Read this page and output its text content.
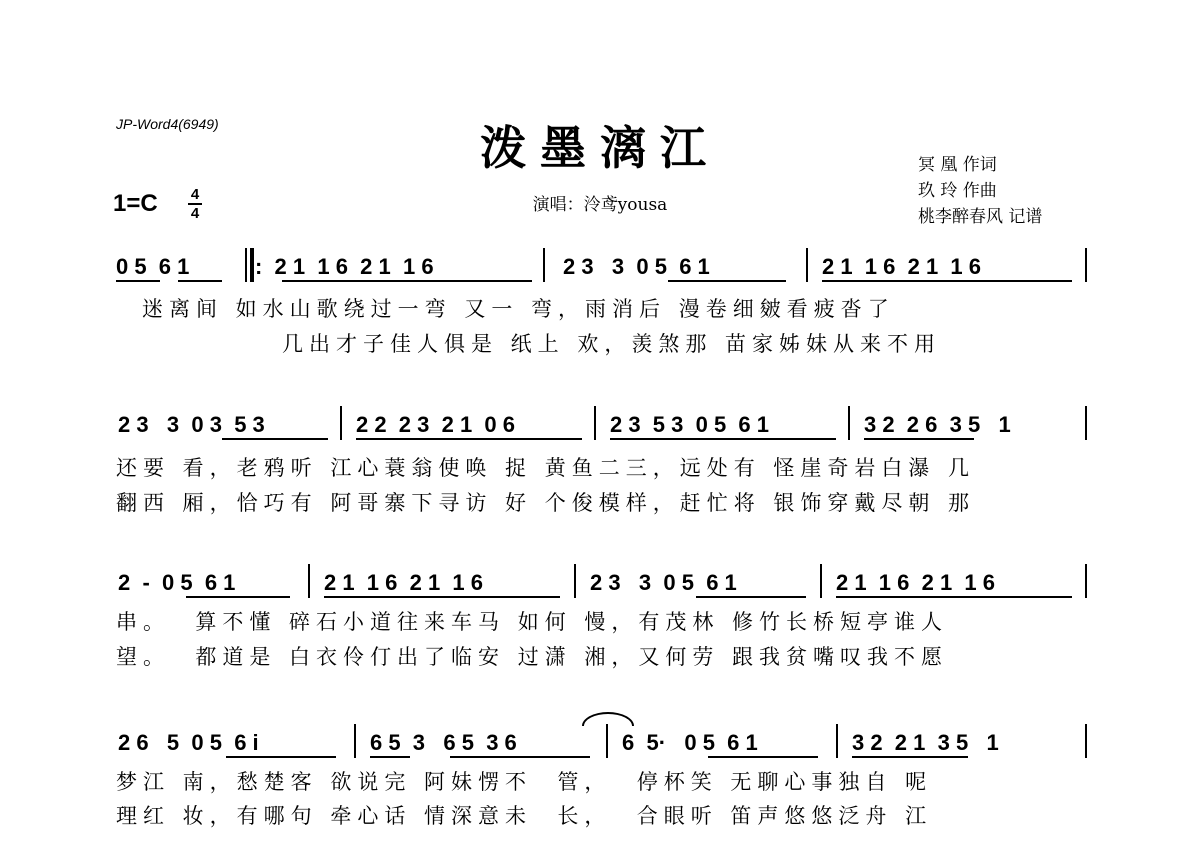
JP-Word4(6949)	泼墨漓江
演唱：泠鸢yousa
冥 凰 作词
玖 玲 作曲
桃李醉春风 记谱
1=C 4
4
0 5  6 1	:  2 1  1 6  2 1  1 6	2 3   3  0 5  6 1	2 1  1 6  2 1  1 6
迷离间 如水山歌绕过一弯 又一 弯，雨消后 漫卷细皴看疲沓了
几出才子佳人俱是 纸上 欢，羡煞那 苗家姊妹从来不用
2 3   3  0 3  5 3	2 2  2 3  2 1  0 6	2 3  5 3  0 5  6 1	3 2  2 6  3 5   1
还要 看，老鸦听 江心蓑翁使唤 捉 黄鱼二三，远处有 怪崖奇岩白瀑 几
翻西 厢，恰巧有 阿哥寨下寻访 好 个俊模样，赶忙将 银饰穿戴尽朝 那
2  -  0 5  6 1	2 1  1 6  2 1  1 6	2 3   3  0 5  6 1	2 1  1 6  2 1  1 6
串。  算不懂 碎石小道往来车马 如何 慢，有茂林 修竹长桥短亭谁人
望。  都道是 白衣伶仃出了临安 过潇 湘，又何劳 跟我贫嘴叹我不愿
2 6   5  0 5  6 i	6 5  3   6 5  3 6	6  5·   0 5  6 1	3 2  2 1  3 5   1
梦江 南，愁楚客 欲说完 阿妹愣不  管，  停杯笑 无聊心事独自 呢
理红 妆，有哪句 牵心话 情深意未  长，  合眼听 笛声悠悠泛舟 江
